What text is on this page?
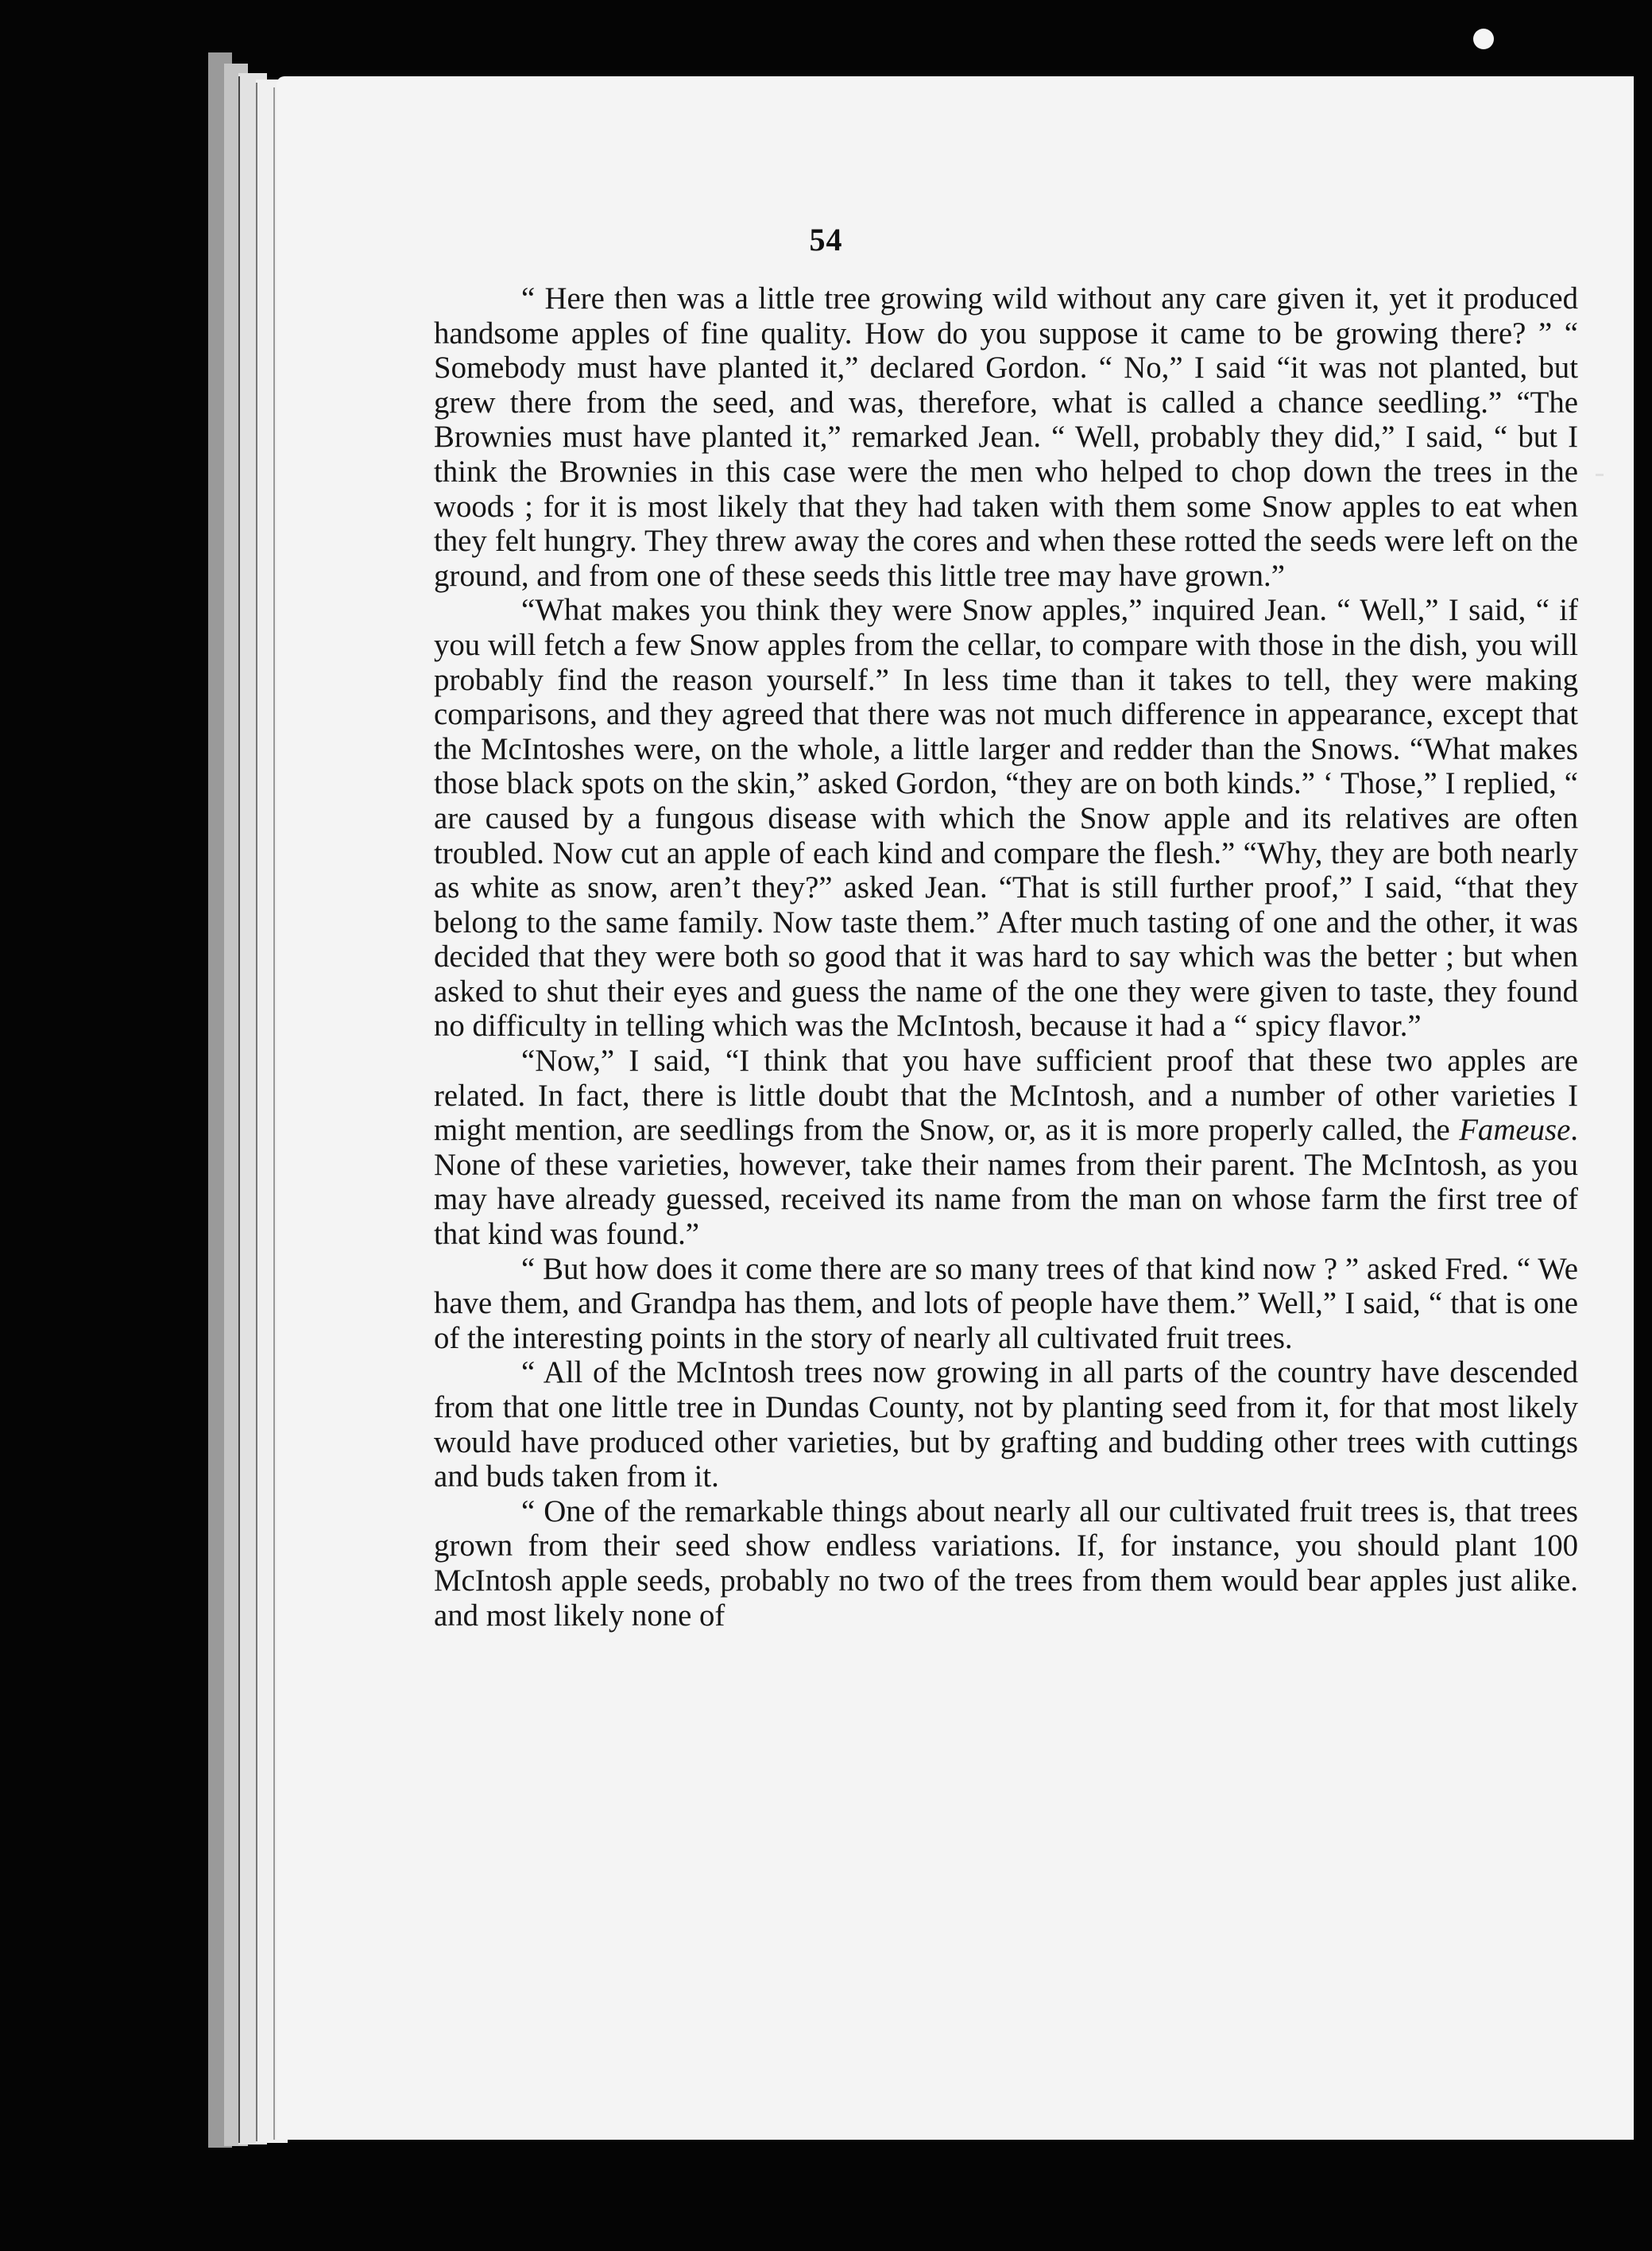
54

“ Here then was a little tree growing wild without any care given it, yet it produced handsome apples of fine quality. How do you suppose it came to be growing there? ” “ Somebody must have planted it,” declared Gordon. “ No,” I said “it was not planted, but grew there from the seed, and was, therefore, what is called a chance seedling.” “The Brownies must have planted it,” remarked Jean. “ Well, probably they did,” I said, “ but I think the Brownies in this case were the men who helped to chop down the trees in the woods ; for it is most likely that they had taken with them some Snow apples to eat when they felt hungry. They threw away the cores and when these rotted the seeds were left on the ground, and from one of these seeds this little tree may have grown.”

“What makes you think they were Snow apples,” inquired Jean. “ Well,” I said, “ if you will fetch a few Snow apples from the cellar, to compare with those in the dish, you will probably find the reason yourself.” In less time than it takes to tell, they were making comparisons, and they agreed that there was not much difference in appearance, except that the McIntoshes were, on the whole, a little larger and redder than the Snows. “What makes those black spots on the skin,” asked Gordon, “they are on both kinds.” ‘ Those,” I replied, “ are caused by a fungous disease with which the Snow apple and its relatives are often troubled. Now cut an apple of each kind and compare the flesh.” “Why, they are both nearly as white as snow, aren’t they?” asked Jean. “That is still further proof,” I said, “that they belong to the same family. Now taste them.” After much tasting of one and the other, it was decided that they were both so good that it was hard to say which was the better ; but when asked to shut their eyes and guess the name of the one they were given to taste, they found no difficulty in telling which was the McIntosh, because it had a “ spicy flavor.”

“Now,” I said, “I think that you have sufficient proof that these two apples are related. In fact, there is little doubt that the McIntosh, and a number of other varieties I might mention, are seedlings from the Snow, or, as it is more properly called, the Fameuse. None of these varieties, however, take their names from their parent. The McIntosh, as you may have already guessed, received its name from the man on whose farm the first tree of that kind was found.”

“ But how does it come there are so many trees of that kind now ? ” asked Fred. “ We have them, and Grandpa has them, and lots of people have them.” Well,” I said, “ that is one of the interesting points in the story of nearly all cultivated fruit trees.

“ All of the McIntosh trees now growing in all parts of the country have descended from that one little tree in Dundas County, not by planting seed from it, for that most likely would have produced other varieties, but by grafting and budding other trees with cuttings and buds taken from it.

“ One of the remarkable things about nearly all our cultivated fruit trees is, that trees grown from their seed show endless variations. If, for instance, you should plant 100 McIntosh apple seeds, probably no two of the trees from them would bear apples just alike. and most likely none of
